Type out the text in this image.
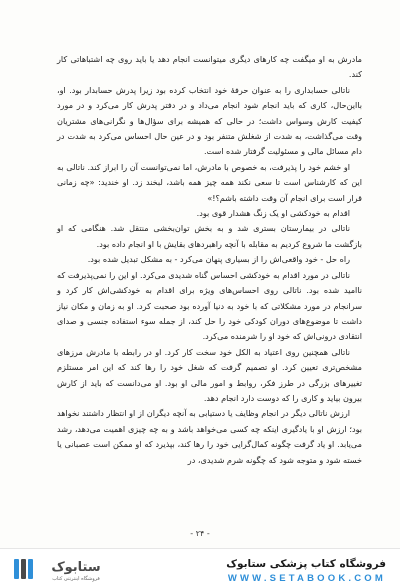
ماد‌رش به او میگفت چه کارهای دیگری میتوانست انجام دهد یا باید روی چه اشتباهاتی کار کند.

ناتالی حسابداری را به عنوان حرفهٔ خود انتخاب کرده بود زیرا پدرش حسابدار بود. او، با‌این‌حال، کاری که باید انجام شود انجام می‌داد و در دفتر پدرش کار می‌کرد و در مورد کیفیت کارش وسواس داشت؛ در حالی که همیشه برای سؤال‌ها و نگرانی‌های مشتریان وقت می‌گذاشت، به شدت از شغلش متنفر بود و در عین حال احساس می‌کرد به شدت در دام مسائل مالی و مسئولیت گرفتار شده است.

او خشم خود را پذیرفت، به خصوص با مادرش، اما نمی‌توانست آن را ابراز کند. ناتالی به این که کارشناس است تا سعی نکند همه چیز همه باشد، لبخند زد. او خندید: «چه زمانی قرار است برای انجام آن وقت داشته باشم؟!»

اقدام به خودکشی او یک زنگ هشدار قوی بود.

ناتالی در بیمارستان بستری شد و به بخش توان‌بخشی منتقل شد. هنگامی که او بازگشت ما شروع کردیم به مقابله با آنچه راهبردهای بقایش با او انجام داده بود.

راه حل - خود واقعی‌اش را از بسیاری پنهان می‌کرد - به مشکل تبدیل شده بود.

ناتالی در مورد اقدام به خودکشی احساس گناه شدیدی می‌کرد. او این را نمی‌پذیرفت که ناامید شده بود. ناتالی روی احساس‌های ویژه برای اقدام به خودکشی‌اش کار کرد و سرانجام در مورد مشکلاتی که با خود به دنیا آورده بود صحبت کرد. او به زمان و مکان نیاز داشت تا موضوع‌های دوران کودکی خود را حل کند، از جمله سوء استفاده جنسی و صدای انتقادی درونی‌اش که خود او را شرمنده می‌کرد.

ناتالی همچنین روی اعتیاد به الکل خود سخت کار کرد. او در رابطه با مادرش مرزهای مشخص‌تری تعیین کرد. او تصمیم گرفت که شغل خود را رها کند که این امر مستلزم تغییرهای بزرگی در طرز فکر، روابط و امور مالی او بود. او می‌دانست که باید از کارش بیرون بیاید و کاری را که دوست دارد انجام دهد.

ارزش ناتالی دیگر در انجام وظایف یا دستیابی به آنچه دیگران از او انتظار داشتند نخواهد بود؛ ارزش او با یادگیری اینکه چه کسی می‌خواهد باشد و به چه چیزی اهمیت می‌دهد، رشد می‌یابد. او یاد گرفت چگونه کمال‌گرایی خود را رها کند، بپذیرد که او ممکن است عصبانی یا خسته شود و متوجه شود که چگونه شرم شدیدی، در

- ۲۴ -
ستابوک
فروشگاه اینترنتی کتاب
فروشگاه کتاب پزشکی ستابوک
WWW.SETABOOK.COM
